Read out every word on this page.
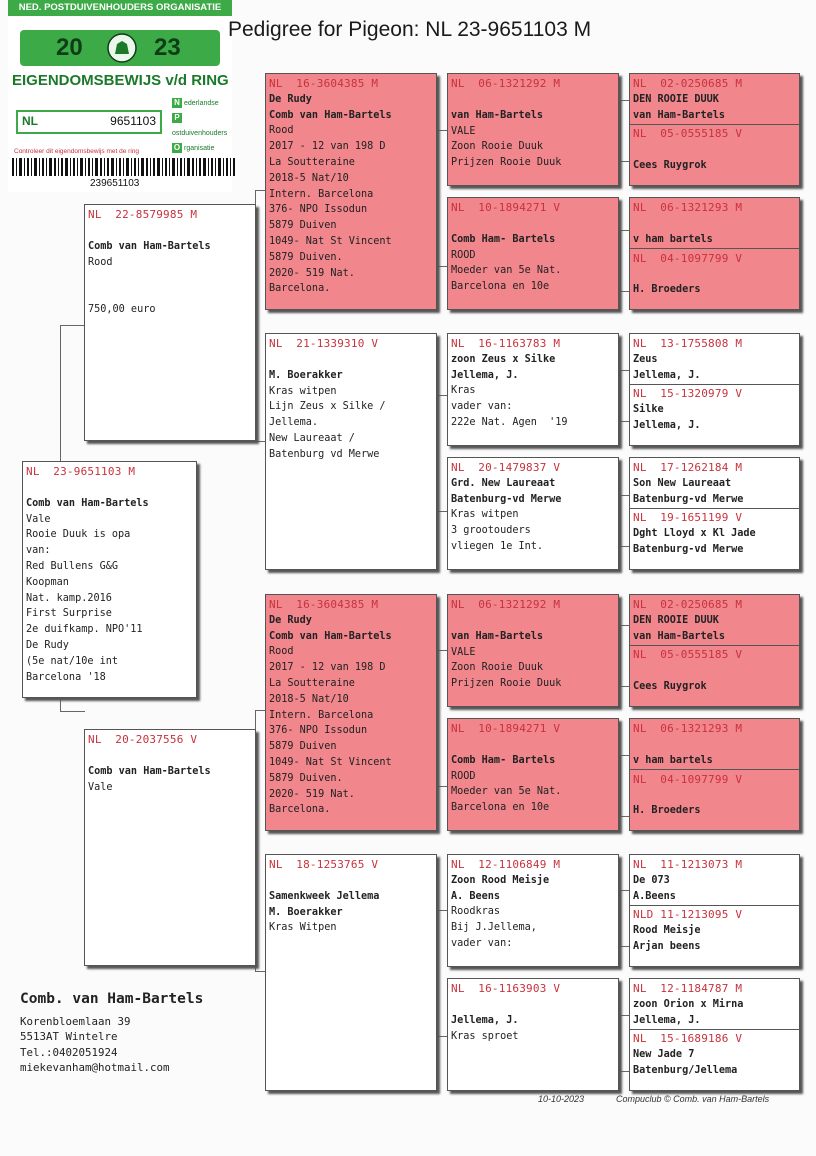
NED. POSTDUIVENHOUDERS ORGANISATIE
20	23
EIGENDOMSBEWIJS v/d RING
NL	9651103
N ederlandse
Postduivenhouders
O rganisatie
Controleer dit eigendomsbewijs met de ring
239651103
Pedigree for Pigeon: NL 23-9651103 M
NL  23-9651103 M
Comb van Ham-Bartels
Vale
Rooie Duuk is opa
van:
Red Bullens G&G
Koopman
Nat. kamp.2016
First Surprise
2e duifkamp. NPO'11
De Rudy
(5e nat/10e int
Barcelona '18
NL  22-8579985 M
Comb van Ham-Bartels
Rood

750,00 euro
NL  20-2037556 V
Comb van Ham-Bartels
Vale
NL  16-3604385 M
De Rudy
Comb van Ham-Bartels
Rood
2017 - 12 van 198 D
La Soutteraine
2018-5 Nat/10
Intern. Barcelona
376- NPO Issodun
5879 Duiven
1049- Nat St Vincent
5879 Duiven.
2020- 519 Nat.
Barcelona.
NL  21-1339310 V
M. Boerakker
Kras witpen
Lijn Zeus x Silke /
Jellema.
New Laureaat /
Batenburg vd Merwe
NL  16-3604385 M
De Rudy
Comb van Ham-Bartels
Rood
2017 - 12 van 198 D
La Soutteraine
2018-5 Nat/10
Intern. Barcelona
376- NPO Issodun
5879 Duiven
1049- Nat St Vincent
5879 Duiven.
2020- 519 Nat.
Barcelona.
NL  18-1253765 V
Samenkweek Jellema
M. Boerakker
Kras Witpen
NL  06-1321292 M
van Ham-Bartels
VALE
Zoon Rooie Duuk
Prijzen Rooie Duuk
NL  10-1894271 V
Comb Ham- Bartels
ROOD
Moeder van 5e Nat.
Barcelona en 10e
NL  16-1163783 M
zoon Zeus x Silke
Jellema, J.
Kras
vader van:
222e Nat. Agen  '19
NL  20-1479837 V
Grd. New Laureaat
Batenburg-vd Merwe
Kras witpen
3 grootouders
vliegen 1e Int.
NL  06-1321292 M
van Ham-Bartels
VALE
Zoon Rooie Duuk
Prijzen Rooie Duuk
NL  10-1894271 V
Comb Ham- Bartels
ROOD
Moeder van 5e Nat.
Barcelona en 10e
NL  12-1106849 M
Zoon Rood Meisje
A. Beens
Roodkras
Bij J.Jellema,
vader van:
NL  16-1163903 V
Jellema, J.
Kras sproet
NL  02-0250685 M
DEN ROOIE DUUK
van Ham-Bartels
NL  05-0555185 V
Cees Ruygrok
NL  06-1321293 M
v ham bartels
NL  04-1097799 V
H. Broeders
NL  13-1755808 M
Zeus
Jellema, J.
NL  15-1320979 V
Silke
Jellema, J.
NL  17-1262184 M
Son New Laureaat
Batenburg-vd Merwe
NL  19-1651199 V
Dght Lloyd x Kl Jade
Batenburg-vd Merwe
NL  02-0250685 M
DEN ROOIE DUUK
van Ham-Bartels
NL  05-0555185 V
Cees Ruygrok
NL  06-1321293 M
v ham bartels
NL  04-1097799 V
H. Broeders
NL  11-1213073 M
De 073
A.Beens
NLD 11-1213095 V
Rood Meisje
Arjan beens
NL  12-1184787 M
zoon Orion x Mirna
Jellema, J.
NL  15-1689186 V
New Jade 7
Batenburg/Jellema
Comb. van Ham-Bartels
Korenbloemlaan 39
5513AT Wintelre
Tel.:0402051924
miekevanham@hotmail.com
10-10-2023	Compuclub © Comb. van Ham-Bartels
